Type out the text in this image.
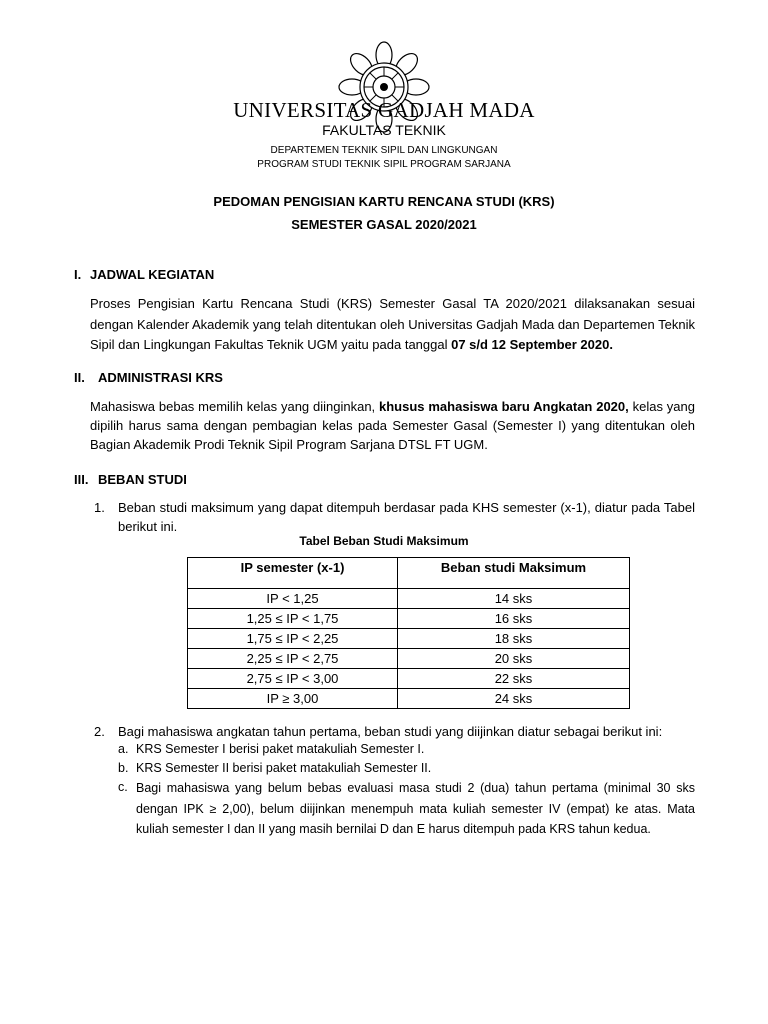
UNIVERSITAS GADJAH MADA
FAKULTAS TEKNIK
DEPARTEMEN TEKNIK SIPIL DAN LINGKUNGAN
PROGRAM STUDI TEKNIK SIPIL PROGRAM SARJANA
PEDOMAN PENGISIAN KARTU RENCANA STUDI (KRS)
SEMESTER GASAL 2020/2021
I. JADWAL KEGIATAN
Proses Pengisian Kartu Rencana Studi (KRS) Semester Gasal TA 2020/2021 dilaksanakan sesuai dengan Kalender Akademik yang telah ditentukan oleh Universitas Gadjah Mada dan Departemen Teknik Sipil dan Lingkungan Fakultas Teknik UGM yaitu pada tanggal 07 s/d 12 September 2020.
II. ADMINISTRASI KRS
Mahasiswa bebas memilih kelas yang diinginkan, khusus mahasiswa baru Angkatan 2020, kelas yang dipilih harus sama dengan pembagian kelas pada Semester Gasal (Semester I) yang ditentukan oleh Bagian Akademik Prodi Teknik Sipil Program Sarjana DTSL FT UGM.
III. BEBAN STUDI
1.	Beban studi maksimum yang dapat ditempuh berdasar pada KHS semester (x-1), diatur pada Tabel berikut ini.
Tabel Beban Studi Maksimum
IP semester (x-1)	Beban studi Maksimum
IP < 1,25	14 sks
1,25 ≤ IP < 1,75	16 sks
1,75 ≤ IP < 2,25	18 sks
2,25 ≤ IP < 2,75	20 sks
2,75 ≤ IP < 3,00	22 sks
IP ≥ 3,00	24 sks
2.	Bagi mahasiswa angkatan tahun pertama, beban studi yang diijinkan diatur sebagai berikut ini:
a. KRS Semester I berisi paket matakuliah Semester I.
b. KRS Semester II berisi paket matakuliah Semester II.
c. Bagi mahasiswa yang belum bebas evaluasi masa studi 2 (dua) tahun pertama (minimal 30 sks dengan IPK ≥ 2,00), belum diijinkan menempuh mata kuliah semester IV (empat) ke atas. Mata kuliah semester I dan II yang masih bernilai D dan E harus ditempuh pada KRS tahun kedua.
